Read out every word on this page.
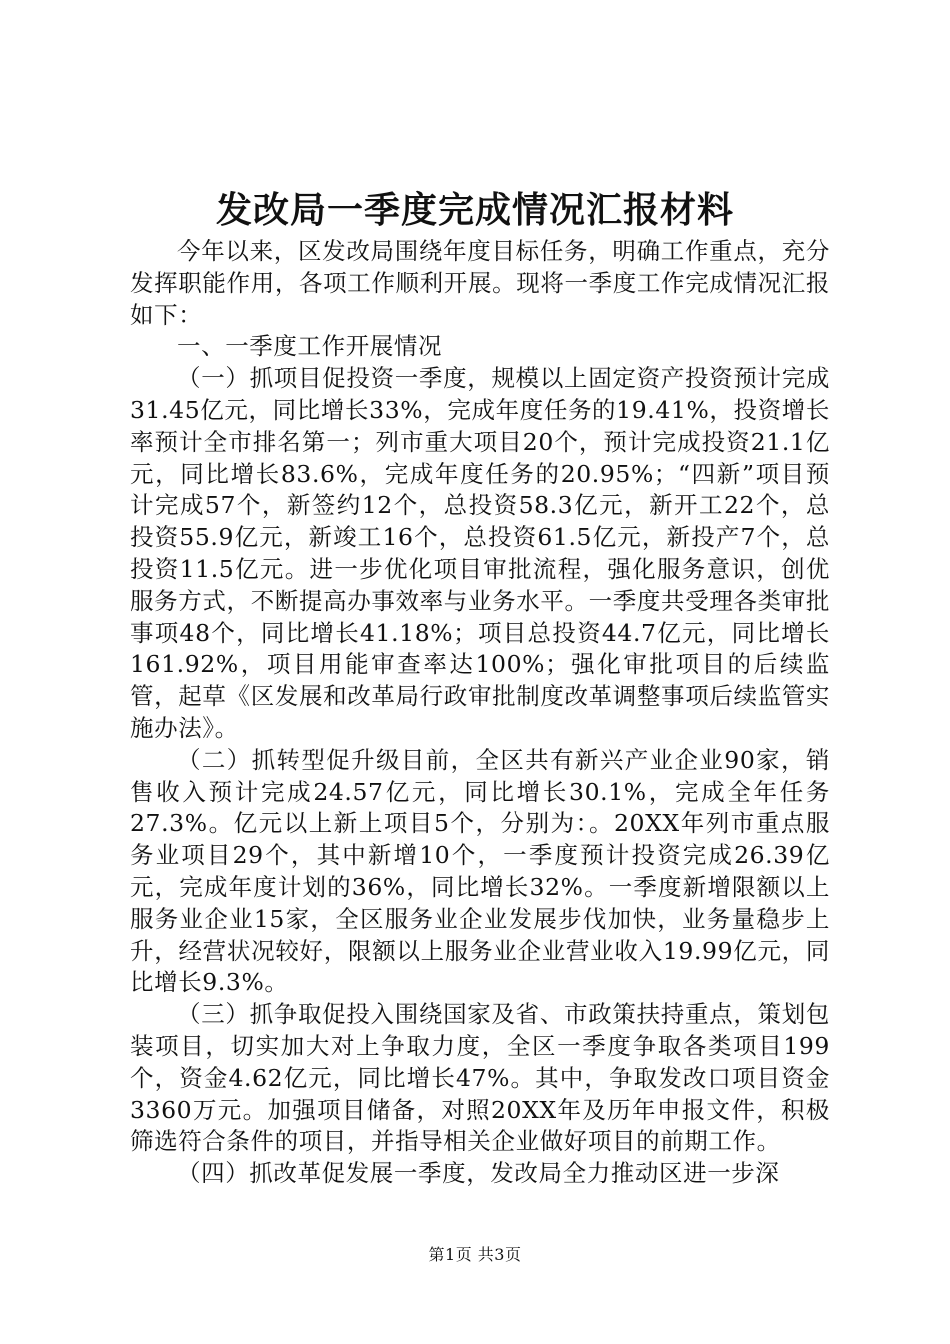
发改局一季度完成情况汇报材料

今年以来，区发改局围绕年度目标任务，明确工作重点，充分发挥职能作用，各项工作顺利开展。现将一季度工作完成情况汇报如下：

一、一季度工作开展情况

（一）抓项目促投资一季度，规模以上固定资产投资预计完成31.45亿元，同比增长33%，完成年度任务的19.41%，投资增长率预计全市排名第一；列市重大项目20个，预计完成投资21.1亿元，同比增长83.6%，完成年度任务的20.95%；“四新”项目预计完成57个，新签约12个，总投资58.3亿元，新开工22个，总投资55.9亿元，新竣工16个，总投资61.5亿元，新投产7个，总投资11.5亿元。进一步优化项目审批流程，强化服务意识，创优服务方式，不断提高办事效率与业务水平。一季度共受理各类审批事项48个，同比增长41.18%；项目总投资44.7亿元，同比增长161.92%，项目用能审查率达100%；强化审批项目的后续监管，起草《区发展和改革局行政审批制度改革调整事项后续监管实施办法》。

（二）抓转型促升级目前，全区共有新兴产业企业90家，销售收入预计完成24.57亿元，同比增长30.1%，完成全年任务27.3%。亿元以上新上项目5个，分别为：。20XX年列市重点服务业项目29个，其中新增10个，一季度预计投资完成26.39亿元，完成年度计划的36%，同比增长32%。一季度新增限额以上服务业企业15家，全区服务业企业发展步伐加快，业务量稳步上升，经营状况较好，限额以上服务业企业营业收入19.99亿元，同比增长9.3%。

（三）抓争取促投入围绕国家及省、市政策扶持重点，策划包装项目，切实加大对上争取力度，全区一季度争取各类项目199个，资金4.62亿元，同比增长47%。其中，争取发改口项目资金3360万元。加强项目储备，对照20XX年及历年申报文件，积极筛选符合条件的项目，并指导相关企业做好项目的前期工作。

（四）抓改革促发展一季度，发改局全力推动区进一步深

第1页 共3页
